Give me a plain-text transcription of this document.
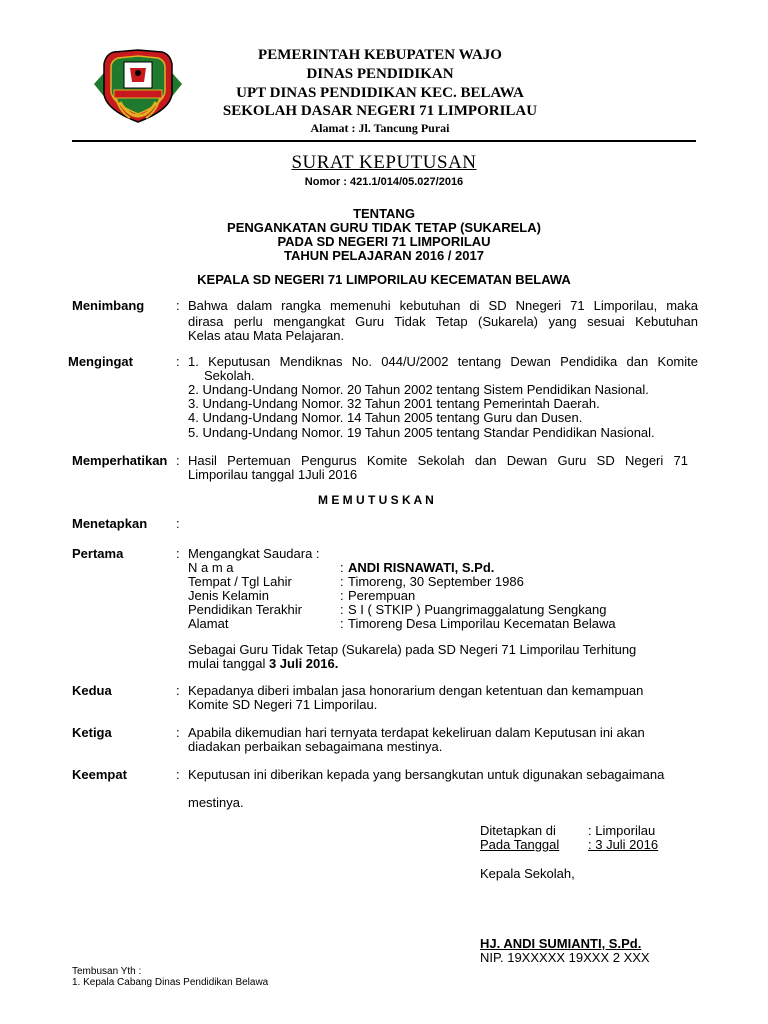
PEMERINTAH KEBUPATEN WAJO
DINAS PENDIDIKAN
UPT DINAS PENDIDIKAN KEC. BELAWA
SEKOLAH DASAR NEGERI 71 LIMPORILAU
Alamat : Jl. Tancung Purai
SURAT KEPUTUSAN
Nomor : 421.1/014/05.027/2016
TENTANG
PENGANKATAN GURU TIDAK TETAP (SUKARELA)
PADA SD NEGERI 71 LIMPORILAU
TAHUN PELAJARAN 2016 / 2017
KEPALA SD NEGERI 71 LIMPORILAU KECEMATAN BELAWA
Menimbang : Bahwa dalam rangka memenuhi kebutuhan di SD Nnegeri 71 Limporilau, maka
dirasa perlu mengangkat Guru Tidak Tetap (Sukarela) yang sesuai Kebutuhan
Kelas atau Mata Pelajaran.
Mengingat	: 1. Keputusan Mendiknas No. 044/U/2002 tentang Dewan Pendidika dan Komite
Sekolah.
2. Undang-Undang Nomor. 20 Tahun 2002 tentang Sistem Pendidikan Nasional.
3. Undang-Undang Nomor. 32 Tahun 2001 tentang Pemerintah Daerah.
4. Undang-Undang Nomor. 14 Tahun 2005 tentang Guru dan Dusen.
5. Undang-Undang Nomor. 19 Tahun 2005 tentang Standar Pendidikan Nasional.
Memperhatikan : Hasil Pertemuan Pengurus Komite Sekolah dan Dewan Guru SD Negeri 71
Limporilau tanggal 1Juli 2016
M E M U T U S K A N
Menetapkan :
Pertama	: Mengangkat Saudara :
N a m a	: ANDI RISNAWATI, S.Pd.
Tempat / Tgl Lahir	: Timoreng, 30 September 1986
Jenis Kelamin	: Perempuan
Pendidikan Terakhir	: S I ( STKIP ) Puangrimaggalatung Sengkang
Alamat	: Timoreng Desa Limporilau Kecematan Belawa
Sebagai Guru Tidak Tetap (Sukarela) pada SD Negeri 71 Limporilau Terhitung
mulai tanggal 3 Juli 2016.
Kedua	: Kepadanya diberi imbalan jasa honorarium dengan ketentuan dan kemampuan
Komite SD Negeri 71 Limporilau.
Ketiga	: Apabila dikemudian hari ternyata terdapat kekeliruan dalam Keputusan ini akan
diadakan perbaikan sebagaimana mestinya.
Keempat	: Keputusan ini diberikan kepada yang bersangkutan untuk digunakan sebagaimana
mestinya.
Ditetapkan di : Limporilau
Pada Tanggal : 3 Juli 2016
Kepala Sekolah,
HJ. ANDI SUMIANTI, S.Pd.
NIP. 19XXXXX 19XXX 2 XXX
Tembusan Yth :
1. Kepala Cabang Dinas Pendidikan Belawa
